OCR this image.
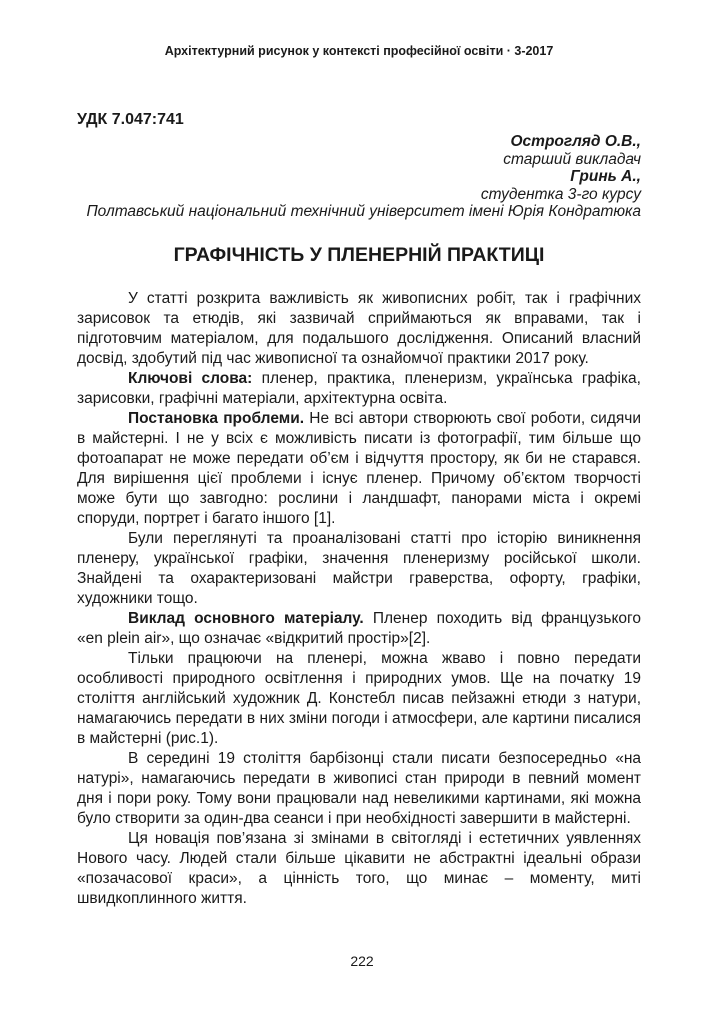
Архітектурний рисунок у контексті професійної освіти · 3-2017
УДК 7.047:741
Острогляд О.В.,
старший викладач
Гринь А.,
студентка 3-го курсу
Полтавський національний технічний університет імені Юрія Кондратюка
ГРАФІЧНІСТЬ У ПЛЕНЕРНІЙ ПРАКТИЦІ

У статті розкрита важливість як живописних робіт, так і графічних зарисовок та етюдів, які зазвичай сприймаються як вправами, так і підготовчим матеріалом, для подальшого дослідження. Описаний власний досвід, здобутий під час живописної та ознайомчої практики 2017 року.

Ключові слова: пленер, практика, пленеризм, українська графіка, зарисовки, графічні матеріали, архітектурна освіта.

Постановка проблеми. Не всі автори створюють свої роботи, сидячи в майстерні. І не у всіх є можливість писати із фотографії, тим більше що фотоапарат не може передати об’єм і відчуття простору, як би не старався. Для вирішення цієї проблеми і існує пленер. Причому об’єктом творчості може бути що завгодно: рослини і ландшафт, панорами міста і окремі споруди, портрет і багато іншого [1].

Були переглянуті та проаналізовані статті про історію виникнення пленеру, української графіки, значення пленеризму російської школи. Знайдені та охарактеризовані майстри граверства, офорту, графіки, художники тощо.

Виклад основного матеріалу. Пленер походить від французького «en plein air», що означає «відкритий простір»[2].

Тільки працюючи на пленері, можна жваво і повно передати особливості природного освітлення і природних умов. Ще на початку 19 століття англійський художник Д. Констебл писав пейзажні етюди з натури, намагаючись передати в них зміни погоди і атмосфери, але картини писалися в майстерні (рис.1).

В середині 19 століття барбізонці стали писати безпосередньо «на натурі», намагаючись передати в живописі стан природи в певний момент дня і пори року. Тому вони працювали над невеликими картинами, які можна було створити за один-два сеанси і при необхідності завершити в майстерні.

Ця новація пов’язана зі змінами в світогляді і естетичних уявленнях Нового часу. Людей стали більше цікавити не абстрактні ідеальні образи «позачасової краси», а цінність того, що минає – моменту, миті швидкоплинного життя.

222
